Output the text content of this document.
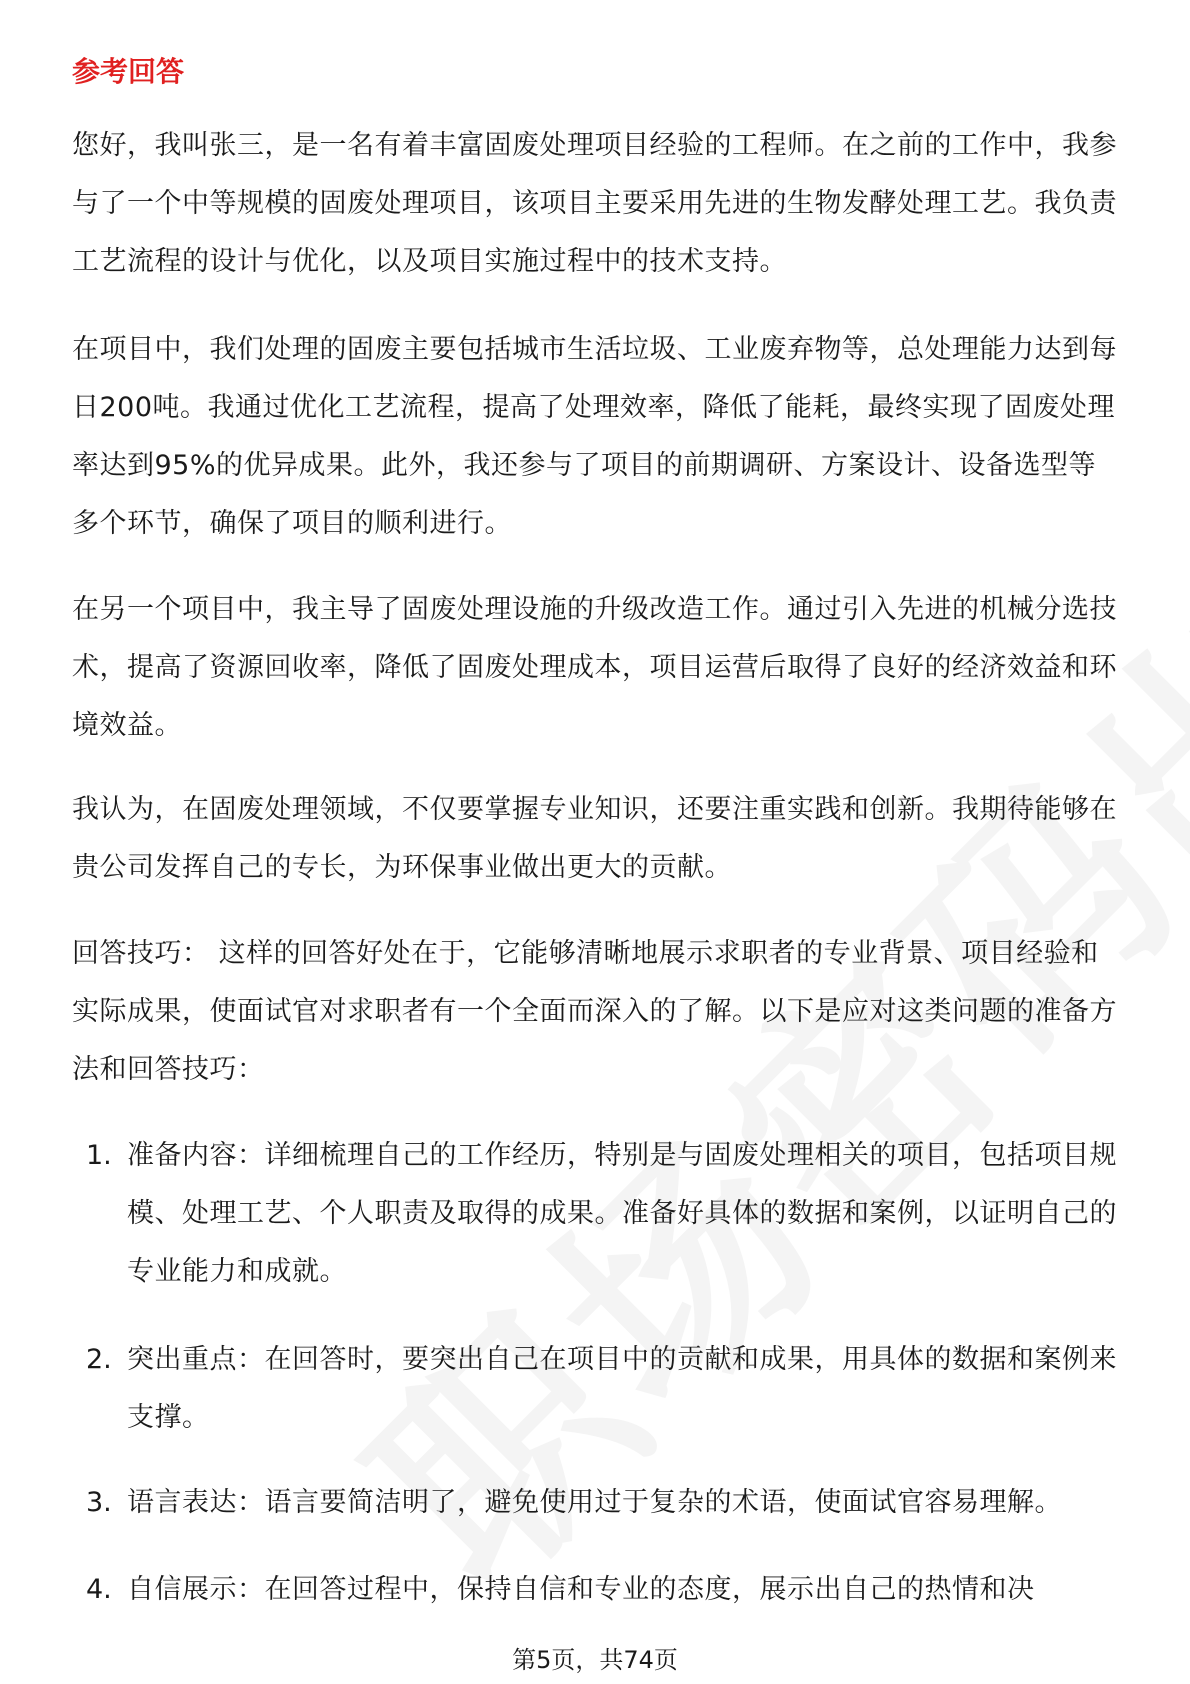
参考回答
您好，我叫张三，是一名有着丰富固废处理项目经验的工程师。在之前的工作中，我参与了一个中等规模的固废处理项目，该项目主要采用先进的生物发酵处理工艺。我负责工艺流程的设计与优化，以及项目实施过程中的技术支持。
在项目中，我们处理的固废主要包括城市生活垃圾、工业废弃物等，总处理能力达到每日200吨。我通过优化工艺流程，提高了处理效率，降低了能耗，最终实现了固废处理率达到95%的优异成果。此外，我还参与了项目的前期调研、方案设计、设备选型等多个环节，确保了项目的顺利进行。
在另一个项目中，我主导了固废处理设施的升级改造工作。通过引入先进的机械分选技术，提高了资源回收率，降低了固废处理成本，项目运营后取得了良好的经济效益和环境效益。
我认为，在固废处理领域，不仅要掌握专业知识，还要注重实践和创新。我期待能够在贵公司发挥自己的专长，为环保事业做出更大的贡献。
回答技巧： 这样的回答好处在于，它能够清晰地展示求职者的专业背景、项目经验和实际成果，使面试官对求职者有一个全面而深入的了解。以下是应对这类问题的准备方法和回答技巧：
1. 准备内容：详细梳理自己的工作经历，特别是与固废处理相关的项目，包括项目规模、处理工艺、个人职责及取得的成果。准备好具体的数据和案例，以证明自己的专业能力和成就。
2. 突出重点：在回答时，要突出自己在项目中的贡献和成果，用具体的数据和案例来支撑。
3. 语言表达：语言要简洁明了，避免使用过于复杂的术语，使面试官容易理解。
4. 自信展示：在回答过程中，保持自信和专业的态度，展示出自己的热情和决
第5页，共74页
